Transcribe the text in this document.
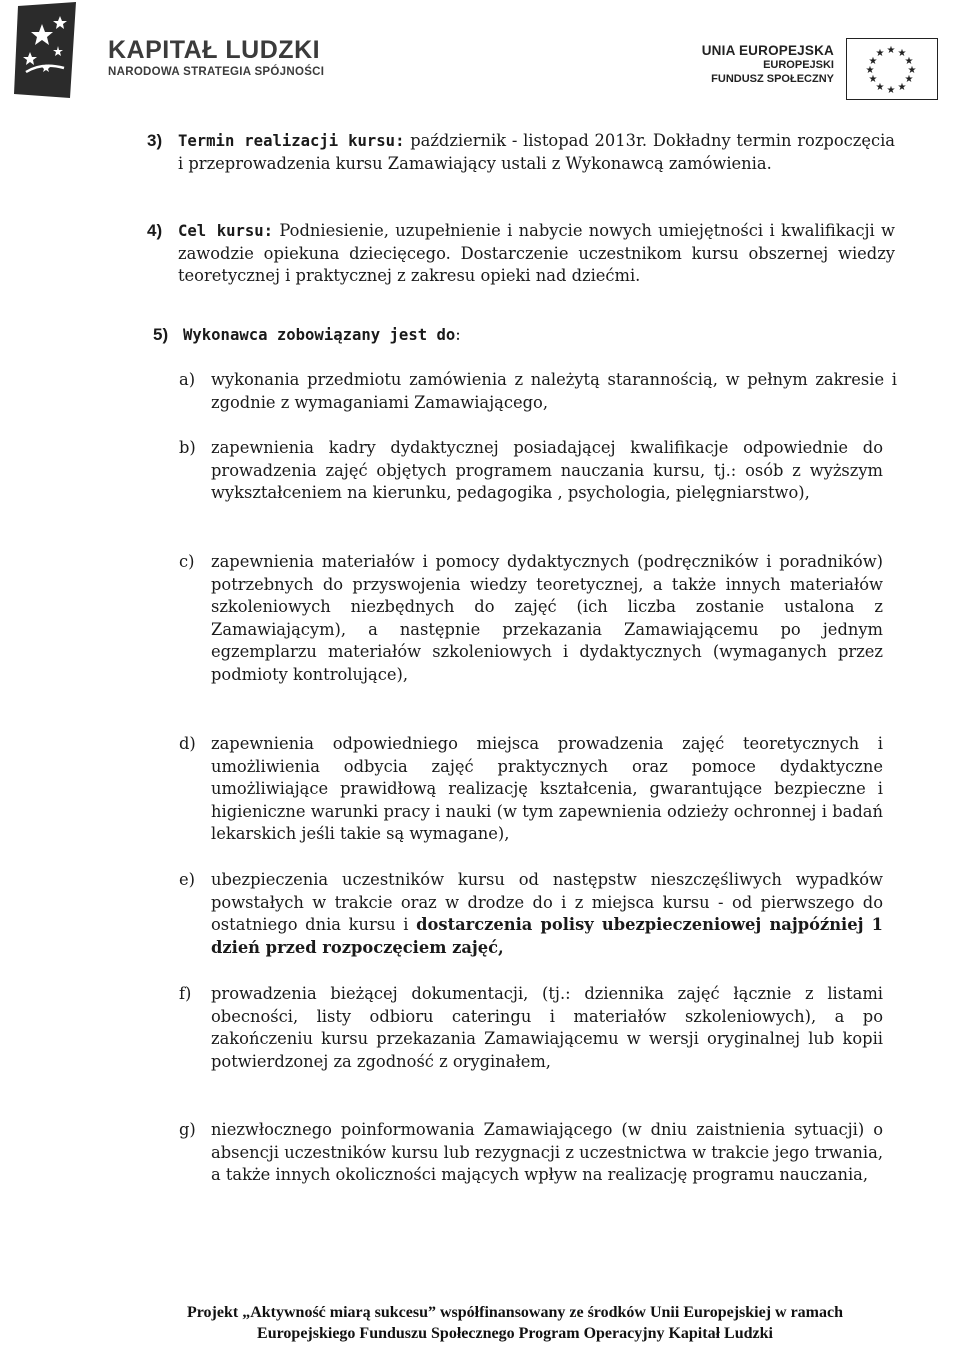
KAPITAŁ LUDZKI
NARODOWA STRATEGIA SPÓJNOŚCI
UNIA EUROPEJSKA
EUROPEJSKI
FUNDUSZ SPOŁECZNY
★ ★
★
★
★
★
★
★
★
★
★
★
3) Termin realizacji kursu: październik - listopad 2013r. Dokładny termin rozpoczęcia i przeprowadzenia kursu Zamawiający ustali z Wykonawcą zamówienia.
4) Cel kursu: Podniesienie, uzupełnienie i nabycie nowych umiejętności i kwalifikacji w zawodzie opiekuna dziecięcego. Dostarczenie uczestnikom kursu obszernej wiedzy teoretycznej i praktycznej z zakresu opieki nad dziećmi.
5) Wykonawca zobowiązany jest do:
a) wykonania przedmiotu zamówienia z należytą starannością, w pełnym zakresie i zgodnie z wymaganiami Zamawiającego,
b) zapewnienia kadry dydaktycznej posiadającej kwalifikacje odpowiednie do prowadzenia zajęć objętych programem nauczania kursu, tj.: osób z wyższym wykształceniem na kierunku, pedagogika , psychologia, pielęgniarstwo),
c) zapewnienia materiałów i pomocy dydaktycznych (podręczników i poradników) potrzebnych do przyswojenia wiedzy teoretycznej, a także innych materiałów szkoleniowych niezbędnych do zajęć (ich liczba zostanie ustalona z Zamawiającym), a następnie przekazania Zamawiającemu po jednym egzemplarzu materiałów szkoleniowych i dydaktycznych (wymaganych przez podmioty kontrolujące),
d) zapewnienia odpowiedniego miejsca prowadzenia zajęć teoretycznych i umożliwienia odbycia zajęć praktycznych oraz pomoce dydaktyczne umożliwiające prawidłową realizację kształcenia, gwarantujące bezpieczne i higieniczne warunki pracy i nauki (w tym zapewnienia odzieży ochronnej i badań lekarskich jeśli takie są wymagane),
e) ubezpieczenia uczestników kursu od następstw nieszczęśliwych wypadków powstałych w trakcie oraz w drodze do i z miejsca kursu - od pierwszego do ostatniego dnia kursu i dostarczenia polisy ubezpieczeniowej najpóźniej 1 dzień przed rozpoczęciem zajęć,
f) prowadzenia bieżącej dokumentacji, (tj.: dziennika zajęć łącznie z listami obecności, listy odbioru cateringu i materiałów szkoleniowych), a po zakończeniu kursu przekazania Zamawiającemu w wersji oryginalnej lub kopii potwierdzonej za zgodność z oryginałem,
g) niezwłocznego poinformowania Zamawiającego (w dniu zaistnienia sytuacji) o absencji uczestników kursu lub rezygnacji z uczestnictwa w trakcie jego trwania, a także innych okoliczności mających wpływ na realizację programu nauczania,
Projekt „Aktywność miarą sukcesu” współfinansowany ze środków Unii Europejskiej w ramach
Europejskiego Funduszu Społecznego Program Operacyjny Kapitał Ludzki
